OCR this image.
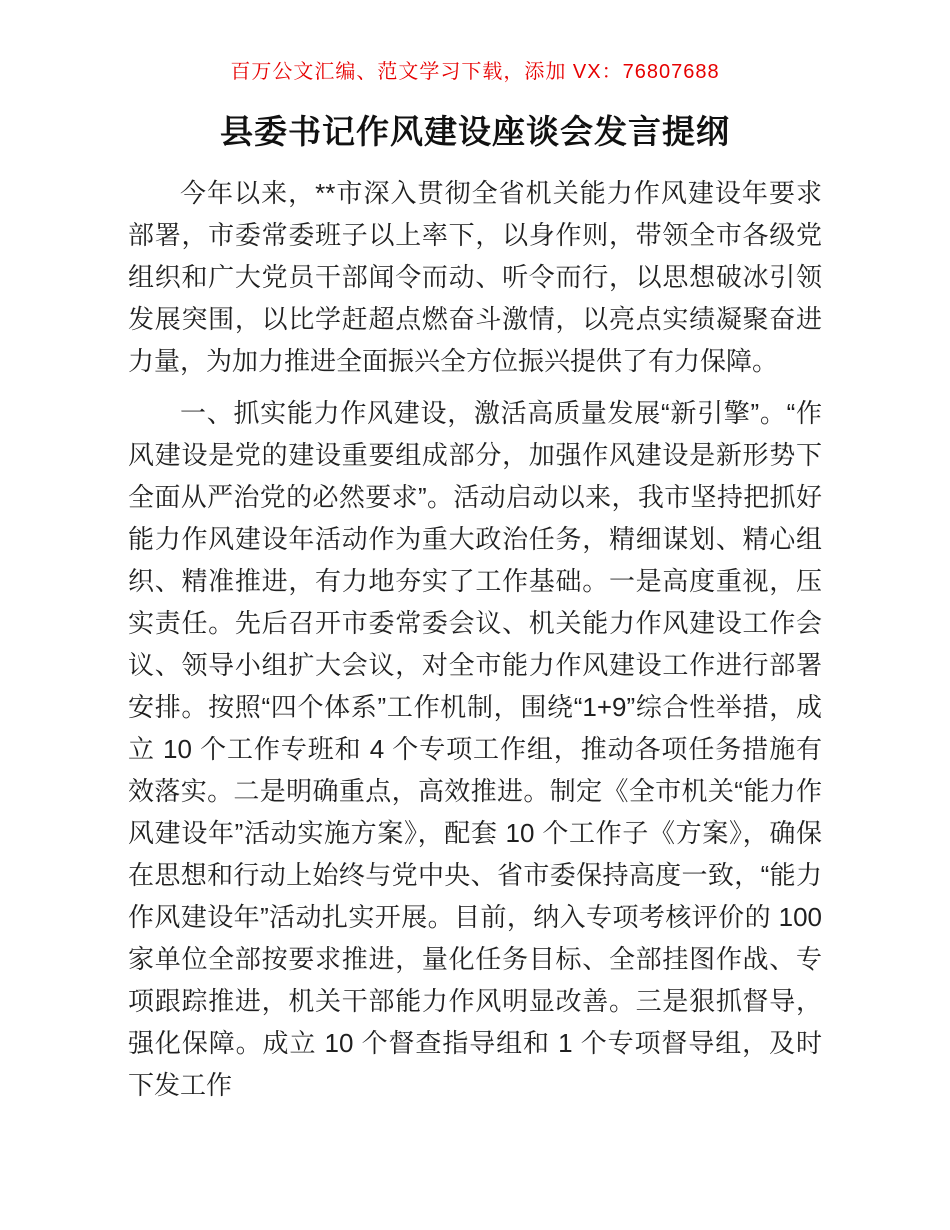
百万公文汇编、范文学习下载，添加 VX：76807688
县委书记作风建设座谈会发言提纲

今年以来，**市深入贯彻全省机关能力作风建设年要求部署，市委常委班子以上率下，以身作则，带领全市各级党组织和广大党员干部闻令而动、听令而行，以思想破冰引领发展突围，以比学赶超点燃奋斗激情，以亮点实绩凝聚奋进力量，为加力推进全面振兴全方位振兴提供了有力保障。

一、抓实能力作风建设，激活高质量发展“新引擎”。“作风建设是党的建设重要组成部分，加强作风建设是新形势下全面从严治党的必然要求”。活动启动以来，我市坚持把抓好能力作风建设年活动作为重大政治任务，精细谋划、精心组织、精准推进，有力地夯实了工作基础。一是高度重视，压实责任。先后召开市委常委会议、机关能力作风建设工作会议、领导小组扩大会议，对全市能力作风建设工作进行部署安排。按照“四个体系”工作机制，围绕“1+9”综合性举措，成立 10 个工作专班和 4 个专项工作组，推动各项任务措施有效落实。二是明确重点，高效推进。制定《全市机关“能力作风建设年”活动实施方案》，配套 10 个工作子《方案》，确保在思想和行动上始终与党中央、省市委保持高度一致，“能力作风建设年”活动扎实开展。目前，纳入专项考核评价的 100 家单位全部按要求推进，量化任务目标、全部挂图作战、专项跟踪推进，机关干部能力作风明显改善。三是狠抓督导，强化保障。成立 10 个督查指导组和 1 个专项督导组，及时下发工作
